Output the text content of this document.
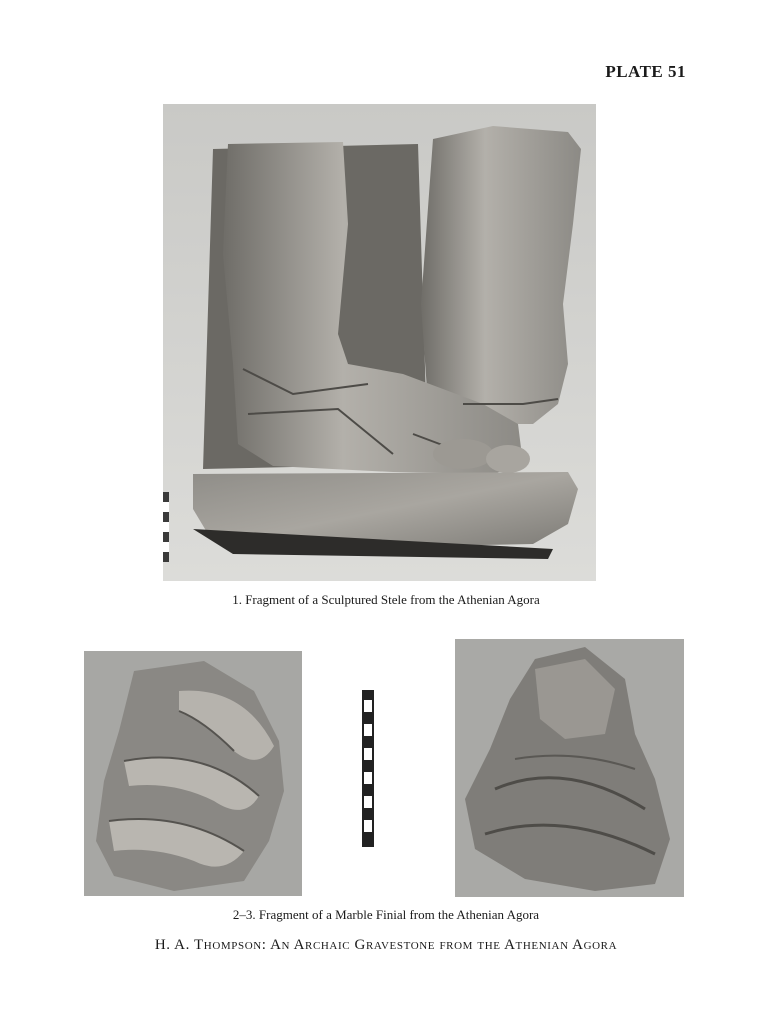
PLATE 51
1. Fragment of a Sculptured Stele from the Athenian Agora
2–3. Fragment of a Marble Finial from the Athenian Agora
H. A. Thompson: An Archaic Gravestone from the Athenian Agora
